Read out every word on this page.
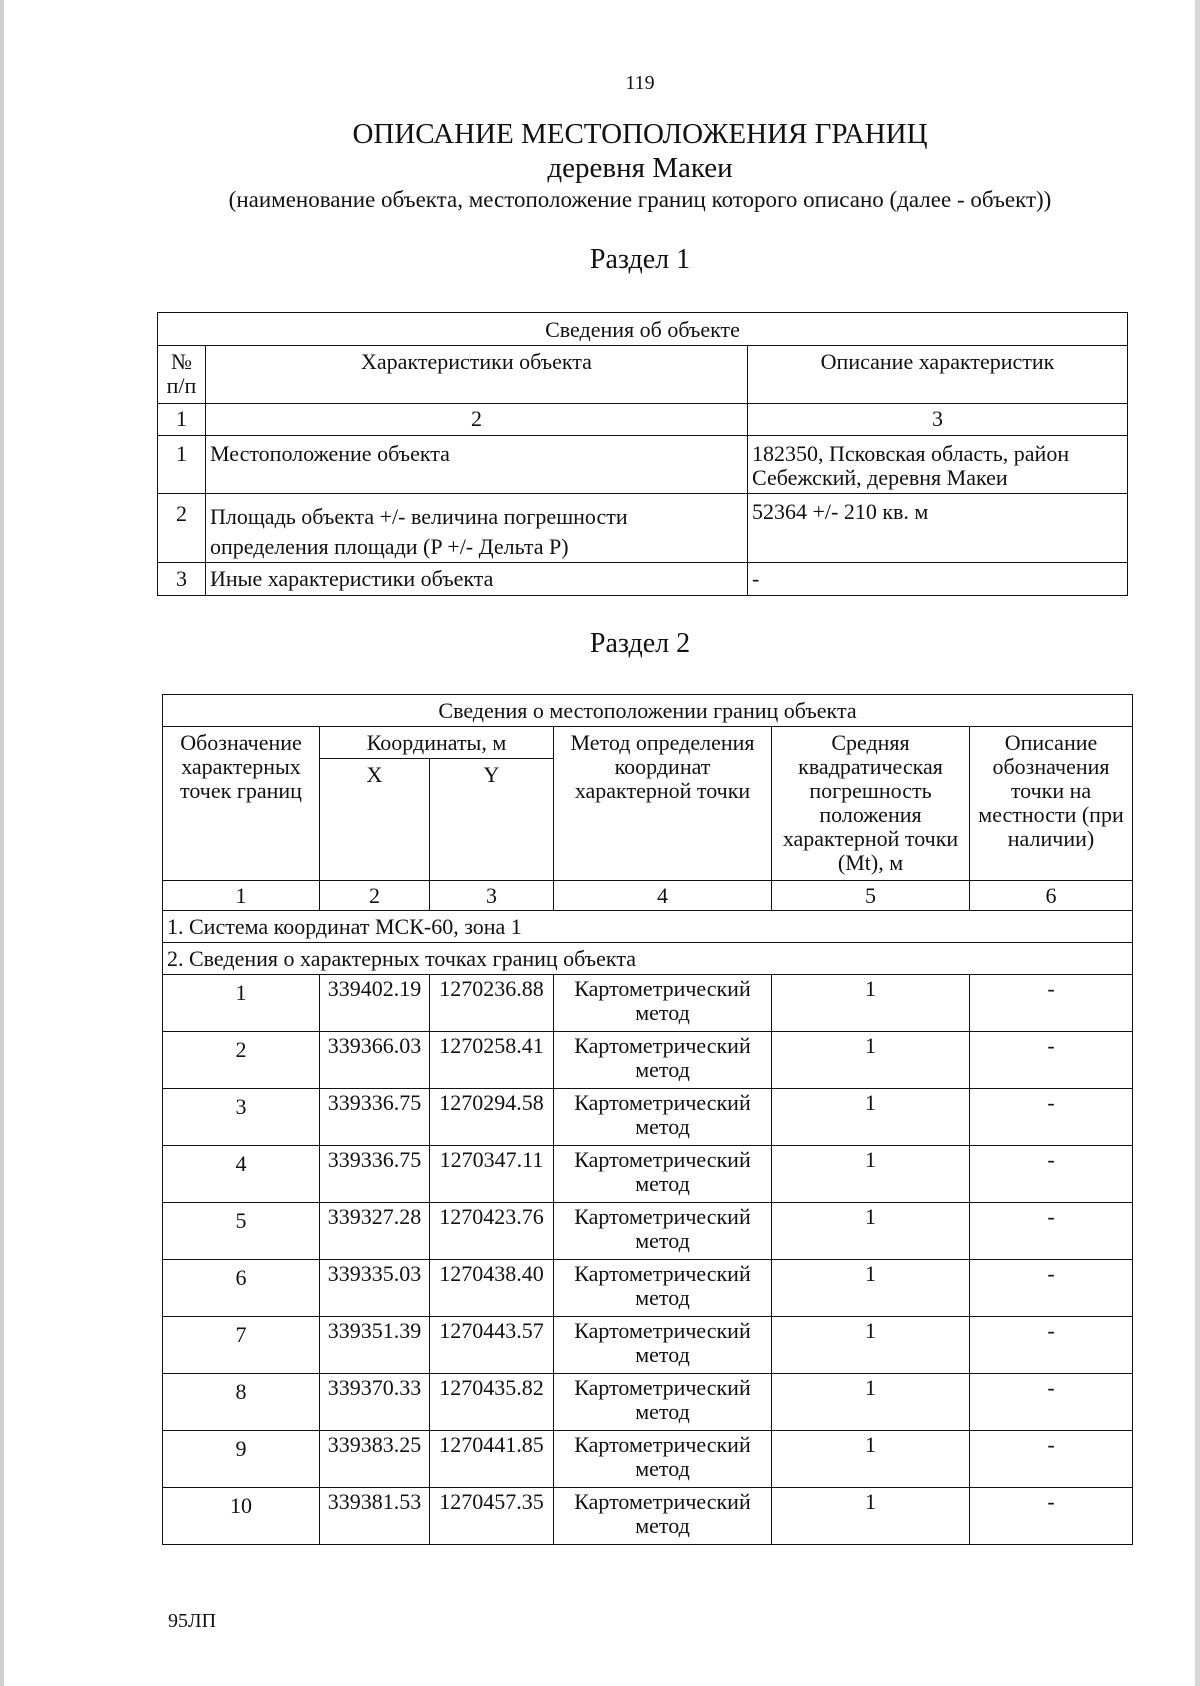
119
ОПИСАНИЕ МЕСТОПОЛОЖЕНИЯ ГРАНИЦ
деревня Макеи
(наименование объекта, местоположение границ которого описано (далее - объект))
Раздел 1
Сведения об объекте		
№ п/п	Характеристики объекта	Описание характеристик
1	2	3
1	Местоположение объекта	182350, Псковская область, район Себежский, деревня Макеи
2	Площадь объекта +/- величина погрешности определения площади (P +/- Дельта P)	52364 +/- 210 кв. м
3	Иные характеристики объекта	-
Раздел 2
Сведения о местоположении границ объекта					
Обозначение характерных точек границ	Координаты, м		Метод определения координат характерной точки	Средняя квадратическая погрешность положения характерной точки (Mt), м	Описание обозначения точки на местности (при наличии)
	X	Y			
1	2	3	4	5	6
1. Система координат МСК-60, зона 1					
2. Сведения о характерных точках границ объекта					
1	339402.19	1270236.88	Картометрический метод	1	-
2	339366.03	1270258.41	Картометрический метод	1	-
3	339336.75	1270294.58	Картометрический метод	1	-
4	339336.75	1270347.11	Картометрический метод	1	-
5	339327.28	1270423.76	Картометрический метод	1	-
6	339335.03	1270438.40	Картометрический метод	1	-
7	339351.39	1270443.57	Картометрический метод	1	-
8	339370.33	1270435.82	Картометрический метод	1	-
9	339383.25	1270441.85	Картометрический метод	1	-
10	339381.53	1270457.35	Картометрический метод	1	-
95ЛП
